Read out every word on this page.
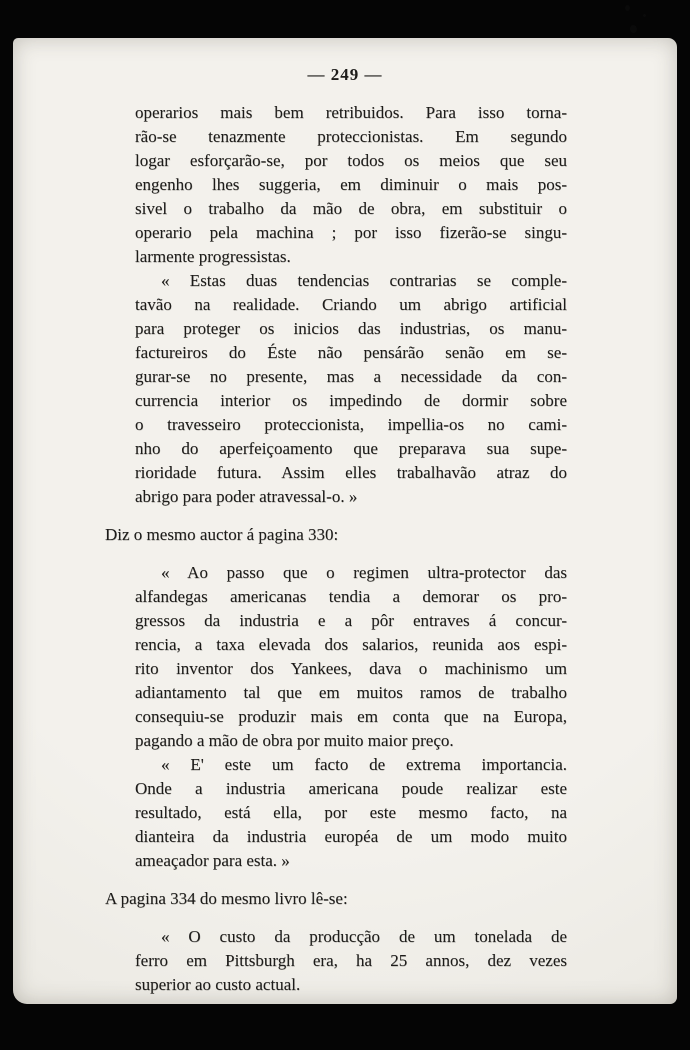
— 249 —

operarios mais bem retribuidos. Para isso torna-
rão-se tenazmente proteccionistas. Em segundo
logar esforçarão-se, por todos os meios que seu
engenho lhes suggeria, em diminuir o mais pos-
sivel o trabalho da mão de obra, em substituir o
operario pela machina ; por isso fizerão-se singu-
larmente progressistas.

« Estas duas tendencias contrarias se comple-
tavão na realidade. Criando um abrigo artificial
para proteger os inicios das industrias, os manu-
factureiros do Éste não pensárão senão em se-
gurar-se no presente, mas a necessidade da con-
currencia interior os impedindo de dormir sobre
o travesseiro proteccionista, impellia-os no cami-
nho do aperfeiçoamento que preparava sua supe-
rioridade futura. Assim elles trabalhavão atraz do
abrigo para poder atravessal-o. »

Diz o mesmo auctor á pagina 330:

« Ao passo que o regimen ultra-protector das
alfandegas americanas tendia a demorar os pro-
gressos da industria e a pôr entraves á concur-
rencia, a taxa elevada dos salarios, reunida aos espi-
rito inventor dos Yankees, dava o machinismo um
adiantamento tal que em muitos ramos de trabalho
consequiu-se produzir mais em conta que na Europa,
pagando a mão de obra por muito maior preço.

« E' este um facto de extrema importancia.
Onde a industria americana poude realizar este
resultado, está ella, por este mesmo facto, na
dianteira da industria européa de um modo muito
ameaçador para esta. »

A pagina 334 do mesmo livro lê-se:

« O custo da producção de um tonelada de
ferro em Pittsburgh era, ha 25 annos, dez vezes
superior ao custo actual.
